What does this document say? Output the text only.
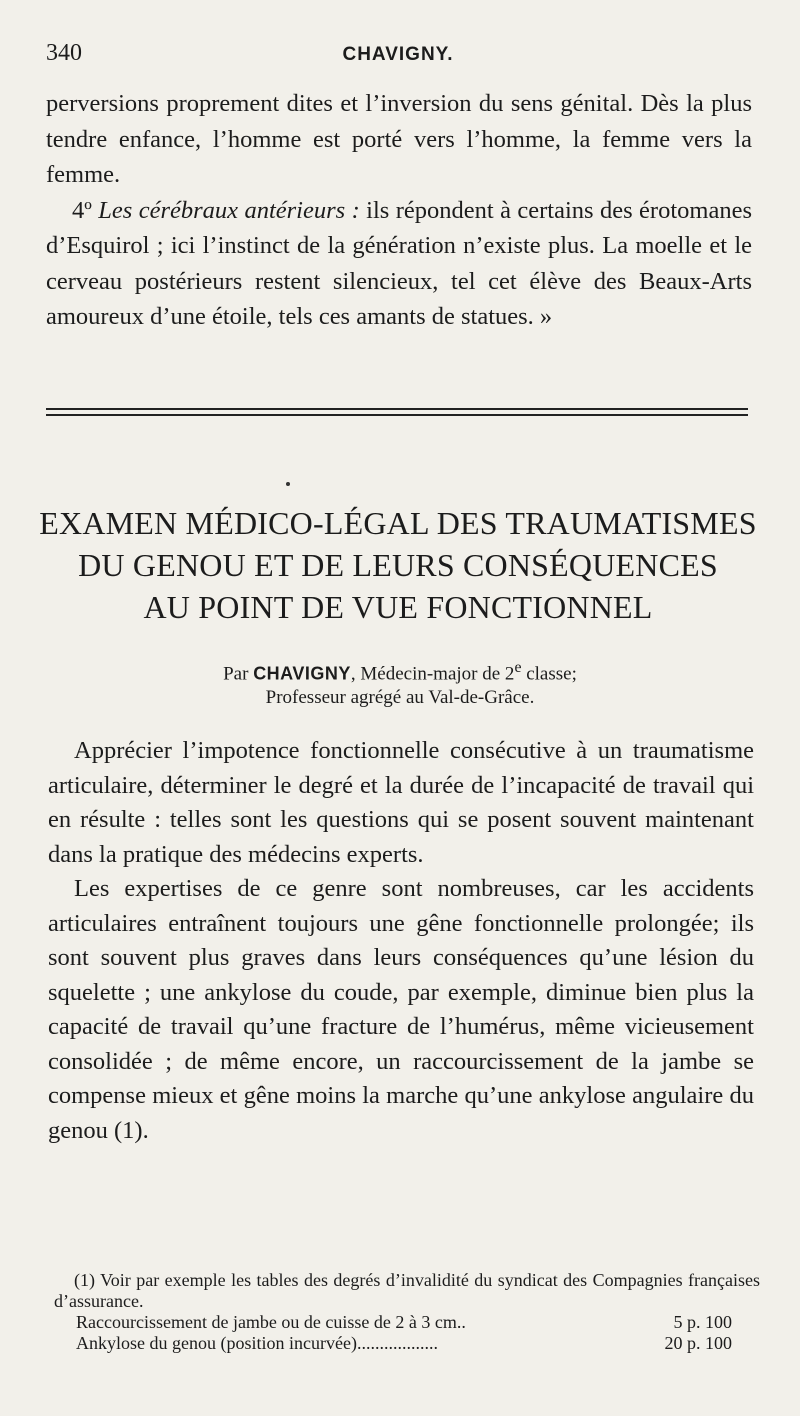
340	CHAVIGNY.

perversions proprement dites et l’inversion du sens génital. Dès la plus tendre enfance, l’homme est porté vers l’homme, la femme vers la femme.

4º Les cérébraux antérieurs : ils répondent à certains des érotomanes d’Esquirol ; ici l’instinct de la génération n’existe plus. La moelle et le cerveau postérieurs restent silencieux, tel cet élève des Beaux-Arts amoureux d’une étoile, tels ces amants de statues. »

EXAMEN MÉDICO-LÉGAL DES TRAUMATISMES
DU GENOU ET DE LEURS CONSÉQUENCES
AU POINT DE VUE FONCTIONNEL
Par CHAVIGNY, Médecin-major de 2e classe;
Professeur agrégé au Val-de-Grâce.

Apprécier l’impotence fonctionnelle consécutive à un traumatisme articulaire, déterminer le degré et la durée de l’incapacité de travail qui en résulte : telles sont les questions qui se posent souvent maintenant dans la pratique des médecins experts.

Les expertises de ce genre sont nombreuses, car les accidents articulaires entraînent toujours une gêne fonctionnelle prolongée; ils sont souvent plus graves dans leurs conséquences qu’une lésion du squelette ; une ankylose du coude, par exemple, diminue bien plus la capacité de travail qu’une fracture de l’humérus, même vicieusement consolidée ; de même encore, un raccourcissement de la jambe se compense mieux et gêne moins la marche qu’une ankylose angulaire du genou (1).

(1) Voir par exemple les tables des degrés d’invalidité du syndicat des Compagnies françaises d’assurance.

Raccourcissement de jambe ou de cuisse de 2 à 3 cm..	5 p. 100
Ankylose du genou (position incurvée) ..................	20 p. 100
